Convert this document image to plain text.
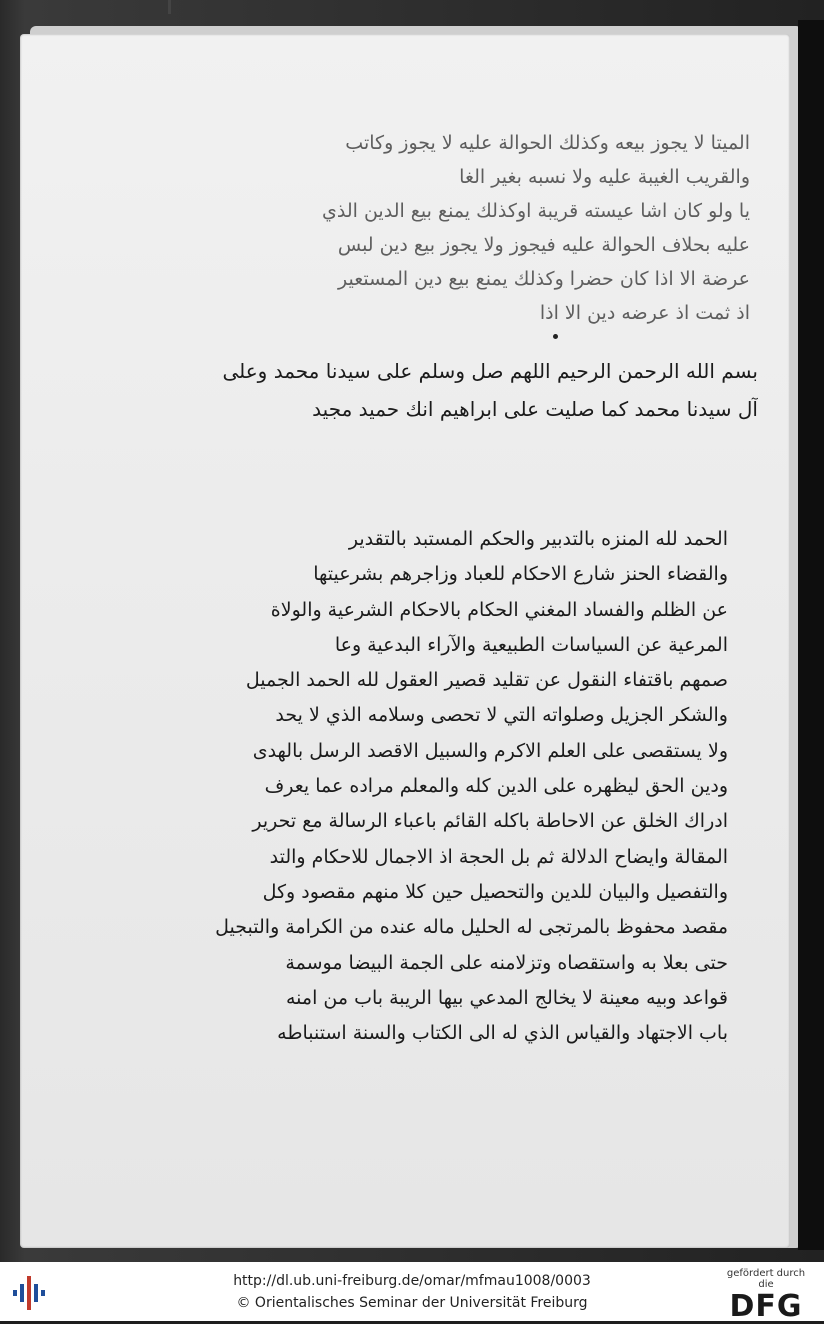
الميتا لا يجوز بيعه وكذلك الحوالة عليه لا يجوز وكاتب
والقريب الغيبة عليه ولا نسبه بغير الغا
يا ولو كان اشا عيسته قريبة اوكذلك يمنع بيع الدين الذي
عليه بحلاف الحوالة عليه فيجوز ولا يجوز بيع دين لبس
عرضة الا اذا كان حضرا وكذلك يمنع بيع دين المستعير
اذ ثمت اذ عرضه دين الا اذا
بسم الله الرحمن الرحيم اللهم صل وسلم على سيدنا محمد وعلى
آل سيدنا محمد كما صليت على ابراهيم انك حميد مجيد
الحمد لله المنزه بالتدبير والحكم المستبد بالتقدير
والقضاء الحنز شارع الاحكام للعباد وزاجرهم بشرعيتها
عن الظلم والفساد المغني الحكام بالاحكام الشرعية والولاة
المرعية عن السياسات الطبيعية والآراء البدعية وعا
صمهم باقتفاء النقول عن تقليد قصير العقول لله الحمد الجميل
والشكر الجزيل وصلواته التي لا تحصى وسلامه الذي لا يحد
ولا يستقصى على العلم الاكرم والسبيل الاقصد الرسل بالهدى
ودين الحق ليظهره على الدين كله والمعلم مراده عما يعرف
ادراك الخلق عن الاحاطة باكله القائم باعباء الرسالة مع تحرير
المقالة وايضاح الدلالة ثم بل الحجة اذ الاجمال للاحكام والتد
والتفصيل والبيان للدين والتحصيل حين كلا منهم مقصود وكل
مقصد محفوظ بالمرتجى له الحليل ماله عنده من الكرامة والتبجيل
حتى بعلا به واستقصاه وتزلامنه على الجمة البيضا موسمة
قواعد وبيه معينة لا يخالج المدعي بيها الريبة باب من امنه
باب الاجتهاد والقياس الذي له الى الكتاب والسنة استنباطه
http://dl.ub.uni-freiburg.de/omar/mfmau1008/0003
© Orientalisches Seminar der Universität Freiburg
gefördert durch die
DFG
